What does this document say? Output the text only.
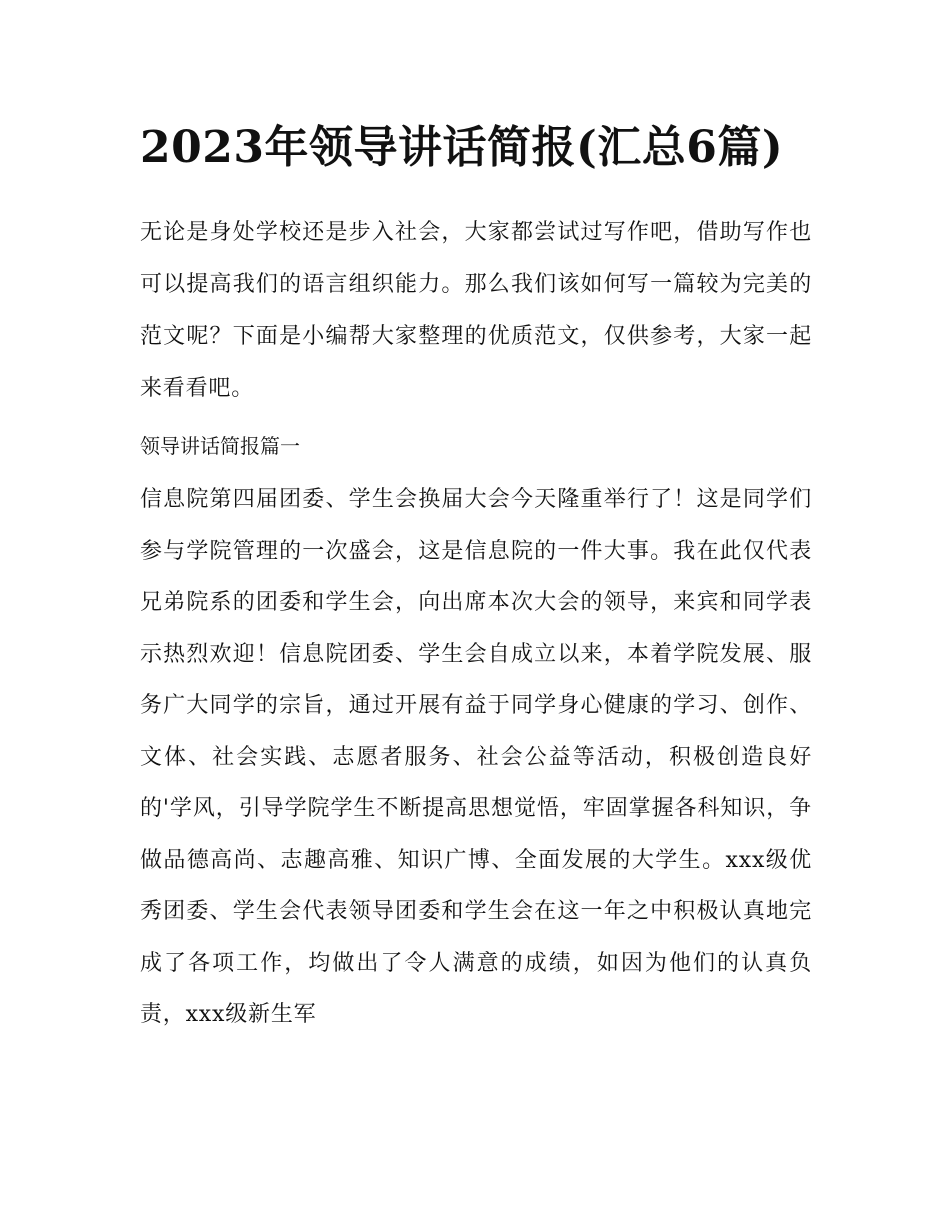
2023年领导讲话简报(汇总6篇)

无论是身处学校还是步入社会，大家都尝试过写作吧，借助写作也可以提高我们的语言组织能力。那么我们该如何写一篇较为完美的范文呢？下面是小编帮大家整理的优质范文，仅供参考，大家一起来看看吧。

领导讲话简报篇一

信息院第四届团委、学生会换届大会今天隆重举行了！这是同学们参与学院管理的一次盛会，这是信息院的一件大事。我在此仅代表兄弟院系的团委和学生会，向出席本次大会的领导，来宾和同学表示热烈欢迎！信息院团委、学生会自成立以来，本着学院发展、服务广大同学的宗旨，通过开展有益于同学身心健康的学习、创作、文体、社会实践、志愿者服务、社会公益等活动，积极创造良好的'学风，引导学院学生不断提高思想觉悟，牢固掌握各科知识，争做品德高尚、志趣高雅、知识广博、全面发展的大学生。xxx级优秀团委、学生会代表领导团委和学生会在这一年之中积极认真地完成了各项工作，均做出了令人满意的成绩，如因为他们的认真负责，xxx级新生军
